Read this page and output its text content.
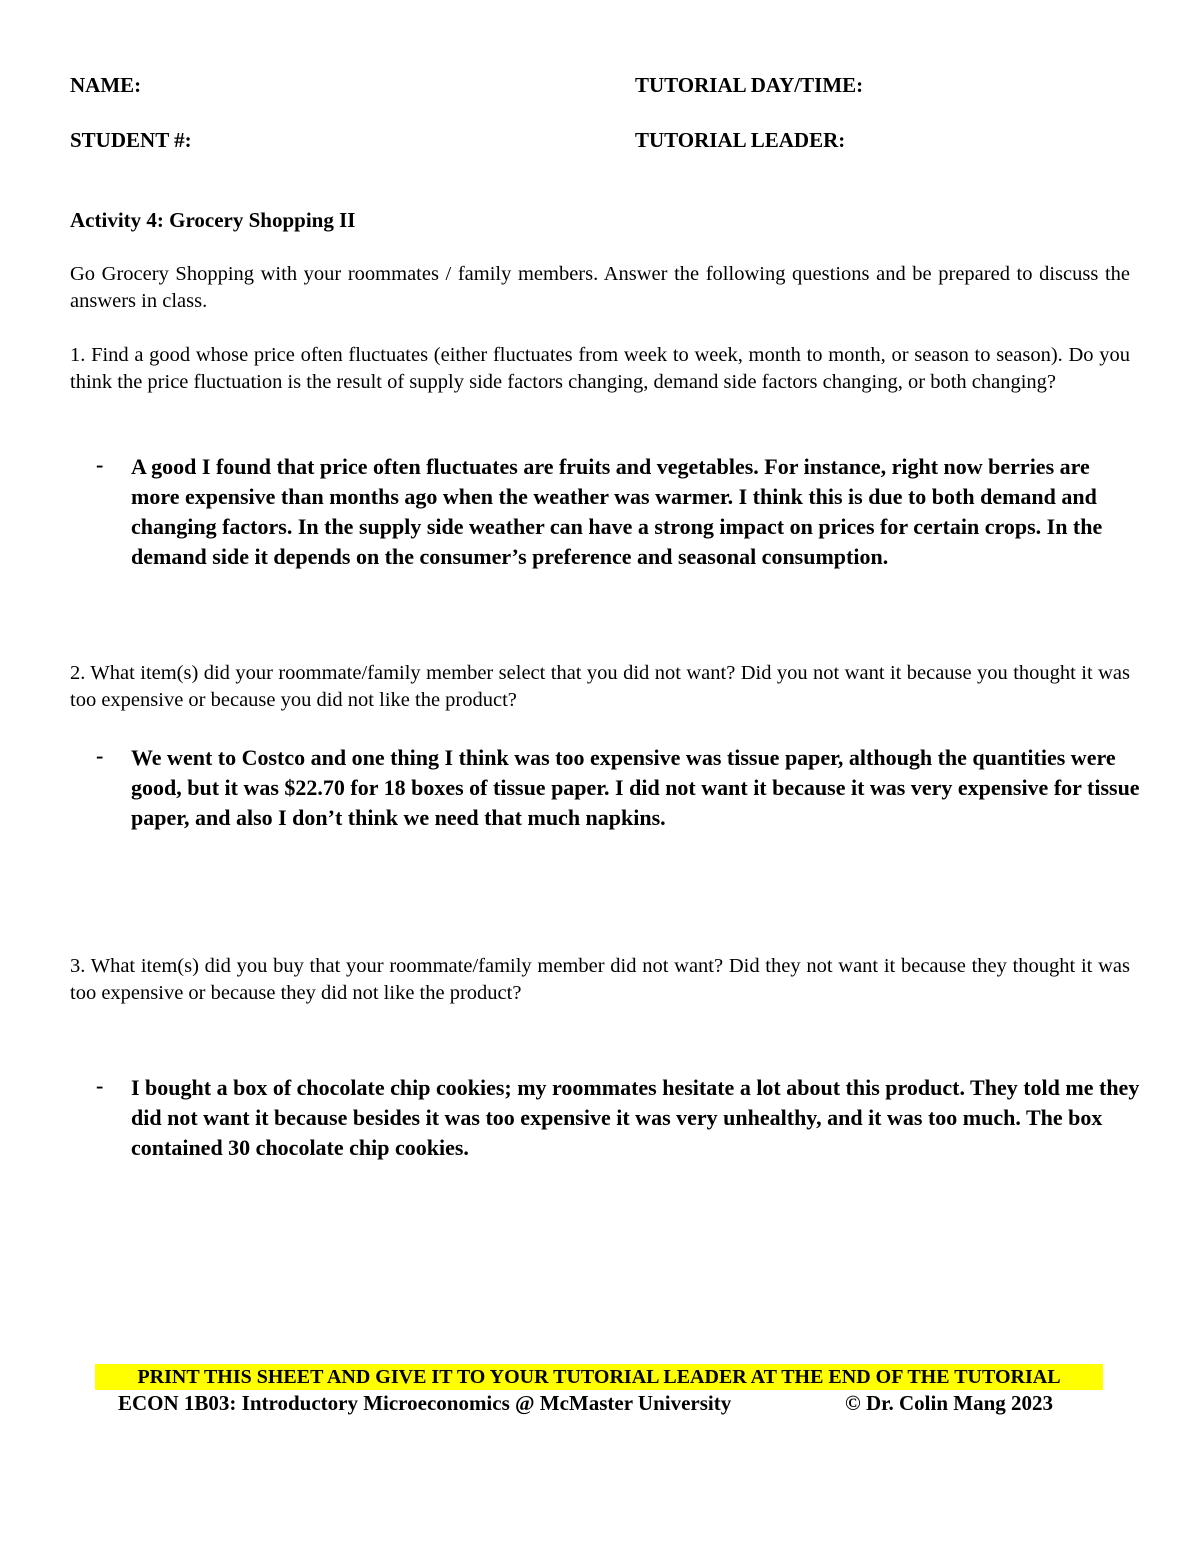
NAME:	TUTORIAL DAY/TIME:
STUDENT #:	TUTORIAL LEADER:
Activity 4: Grocery Shopping II
Go Grocery Shopping with your roommates / family members. Answer the following questions and be prepared to discuss the answers in class.
1. Find a good whose price often fluctuates (either fluctuates from week to week, month to month, or season to season). Do you think the price fluctuation is the result of supply side factors changing, demand side factors changing, or both changing?
- A good I found that price often fluctuates are fruits and vegetables. For instance, right now berries are more expensive than months ago when the weather was warmer. I think this is due to both demand and changing factors. In the supply side weather can have a strong impact on prices for certain crops. In the demand side it depends on the consumer’s preference and seasonal consumption.
2. What item(s) did your roommate/family member select that you did not want? Did you not want it because you thought it was too expensive or because you did not like the product?
- We went to Costco and one thing I think was too expensive was tissue paper, although the quantities were good, but it was $22.70 for 18 boxes of tissue paper. I did not want it because it was very expensive for tissue paper, and also I don’t think we need that much napkins.
3. What item(s) did you buy that your roommate/family member did not want? Did they not want it because they thought it was too expensive or because they did not like the product?
- I bought a box of chocolate chip cookies; my roommates hesitate a lot about this product. They told me they did not want it because besides it was too expensive it was very unhealthy, and it was too much. The box contained 30 chocolate chip cookies.
PRINT THIS SHEET AND GIVE IT TO YOUR TUTORIAL LEADER AT THE END OF THE TUTORIAL
ECON 1B03: Introductory Microeconomics @ McMaster University	© Dr. Colin Mang 2023
